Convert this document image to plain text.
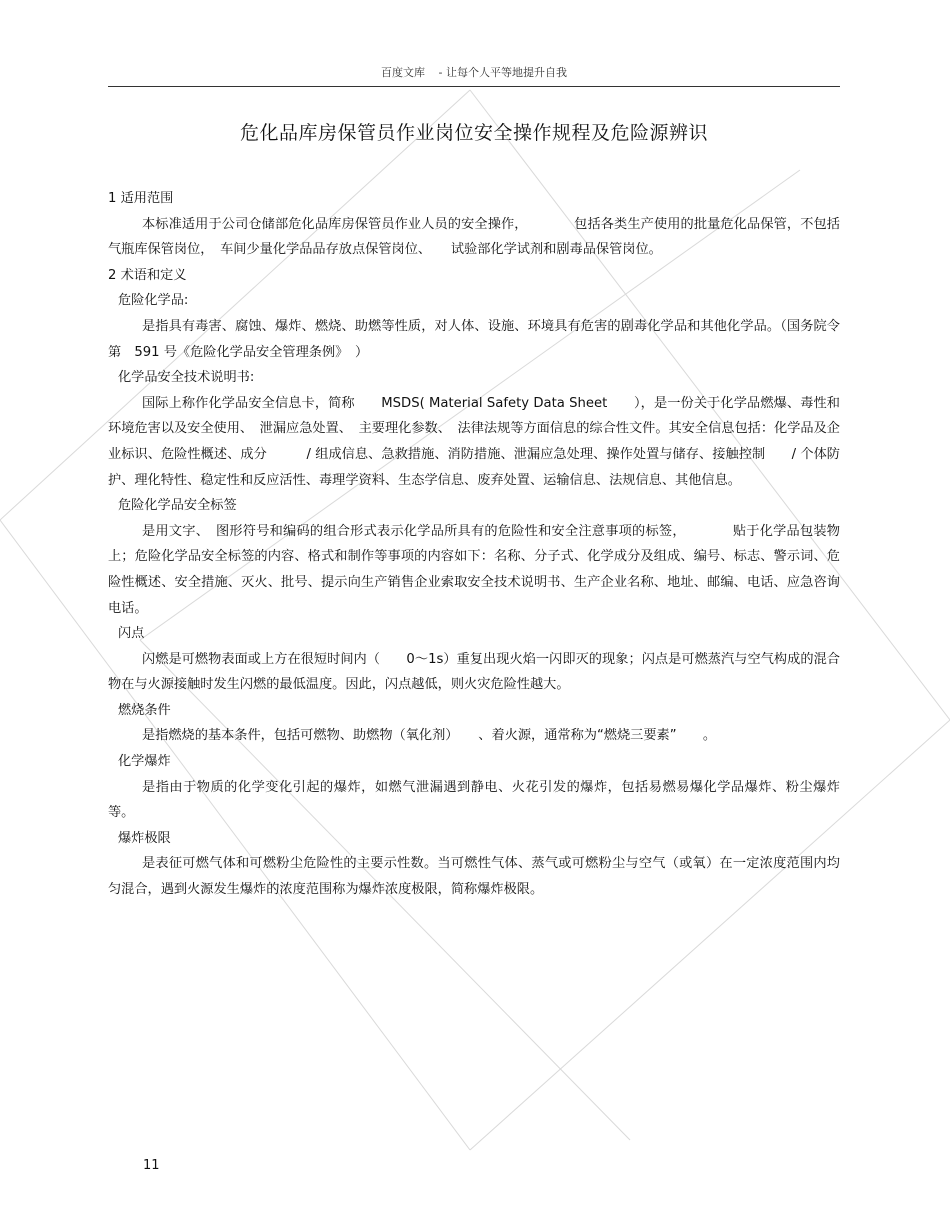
百度文库 - 让每个人平等地提升自我
危化品库房保管员作业岗位安全操作规程及危险源辨识

1 适用范围

本标准适用于公司仓储部危化品库房保管员作业人员的安全操作，　　　　包括各类生产使用的批量危化品保管，不包括气瓶库保管岗位，　车间少量化学品品存放点保管岗位、　　试验部化学试剂和剧毒品保管岗位。

2 术语和定义

危险化学品:

是指具有毒害、腐蚀、爆炸、燃烧、助燃等性质，对人体、设施、环境具有危害的剧毒化学品和其他化学品。（国务院令第　591 号《危险化学品安全管理条例》　）

化学品安全技术说明书:

国际上称作化学品安全信息卡，简称　　MSDS( Material Safety Data Sheet　　），是一份关于化学品燃爆、毒性和环境危害以及安全使用、　泄漏应急处置、　主要理化参数、　法律法规等方面信息的综合性文件。其安全信息包括：化学品及企业标识、危险性概述、成分　　　/ 组成信息、急救措施、消防措施、泄漏应急处理、操作处置与储存、接触控制　　/ 个体防护、理化特性、稳定性和反应活性、毒理学资料、生态学信息、废弃处置、运输信息、法规信息、其他信息。

危险化学品安全标签

是用文字、　图形符号和编码的组合形式表示化学品所具有的危险性和安全注意事项的标签，　　　　贴于化学品包装物上；危险化学品安全标签的内容、格式和制作等事项的内容如下：名称、分子式、化学成分及组成、编号、标志、警示词、危险性概述、安全措施、灭火、批号、提示向生产销售企业索取安全技术说明书、生产企业名称、地址、邮编、电话、应急咨询电话。

闪点

闪燃是可燃物表面或上方在很短时间内（　　0～1s）重复出现火焰一闪即灭的现象；闪点是可燃蒸汽与空气构成的混合物在与火源接触时发生闪燃的最低温度。因此，闪点越低，则火灾危险性越大。

燃烧条件

是指燃烧的基本条件，包括可燃物、助燃物（氧化剂）　　、着火源，通常称为“燃烧三要素”　　。

化学爆炸

是指由于物质的化学变化引起的爆炸，如燃气泄漏遇到静电、火花引发的爆炸，包括易燃易爆化学品爆炸、粉尘爆炸等。

爆炸极限

是表征可燃气体和可燃粉尘危险性的主要示性数。当可燃性气体、蒸气或可燃粉尘与空气（或氧）在一定浓度范围内均匀混合，遇到火源发生爆炸的浓度范围称为爆炸浓度极限，简称爆炸极限。

11
